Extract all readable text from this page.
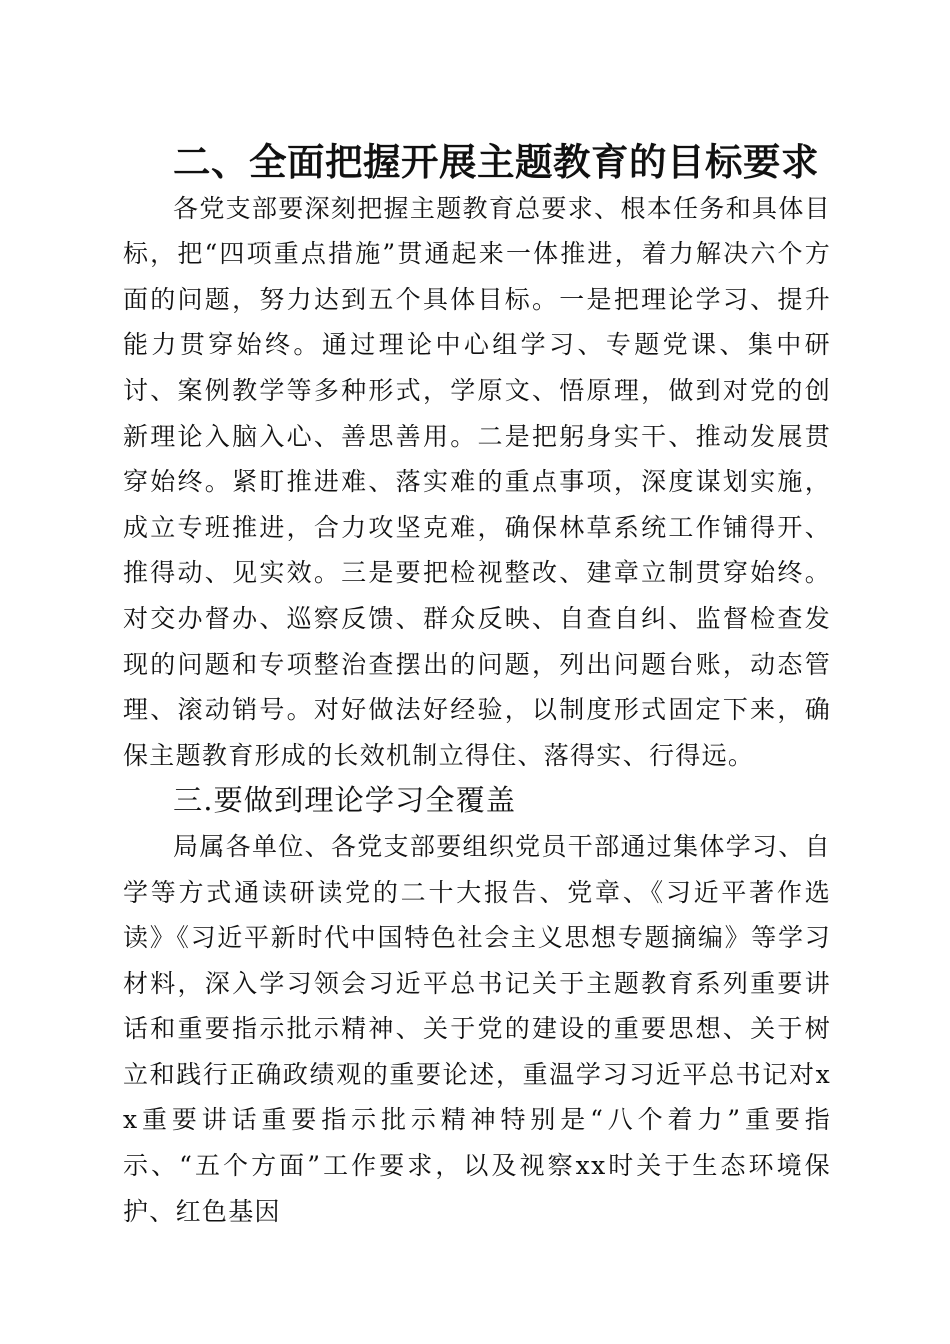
二、全面把握开展主题教育的目标要求

各党支部要深刻把握主题教育总要求、根本任务和具体目标，把“四项重点措施”贯通起来一体推进，着力解决六个方面的问题，努力达到五个具体目标。一是把理论学习、提升能力贯穿始终。通过理论中心组学习、专题党课、集中研讨、案例教学等多种形式，学原文、悟原理，做到对党的创新理论入脑入心、善思善用。二是把躬身实干、推动发展贯穿始终。紧盯推进难、落实难的重点事项，深度谋划实施，成立专班推进，合力攻坚克难，确保林草系统工作铺得开、推得动、见实效。三是要把检视整改、建章立制贯穿始终。对交办督办、巡察反馈、群众反映、自查自纠、监督检查发现的问题和专项整治查摆出的问题，列出问题台账，动态管理、滚动销号。对好做法好经验，以制度形式固定下来，确保主题教育形成的长效机制立得住、落得实、行得远。

三.要做到理论学习全覆盖

局属各单位、各党支部要组织党员干部通过集体学习、自学等方式通读研读党的二十大报告、党章、《习近平著作选读》《习近平新时代中国特色社会主义思想专题摘编》等学习材料，深入学习领会习近平总书记关于主题教育系列重要讲话和重要指示批示精神、关于党的建设的重要思想、关于树立和践行正确政绩观的重要论述，重温学习习近平总书记对xx重要讲话重要指示批示精神特别是“八个着力”重要指示、“五个方面”工作要求，以及视察xx时关于生态环境保护、红色基因
